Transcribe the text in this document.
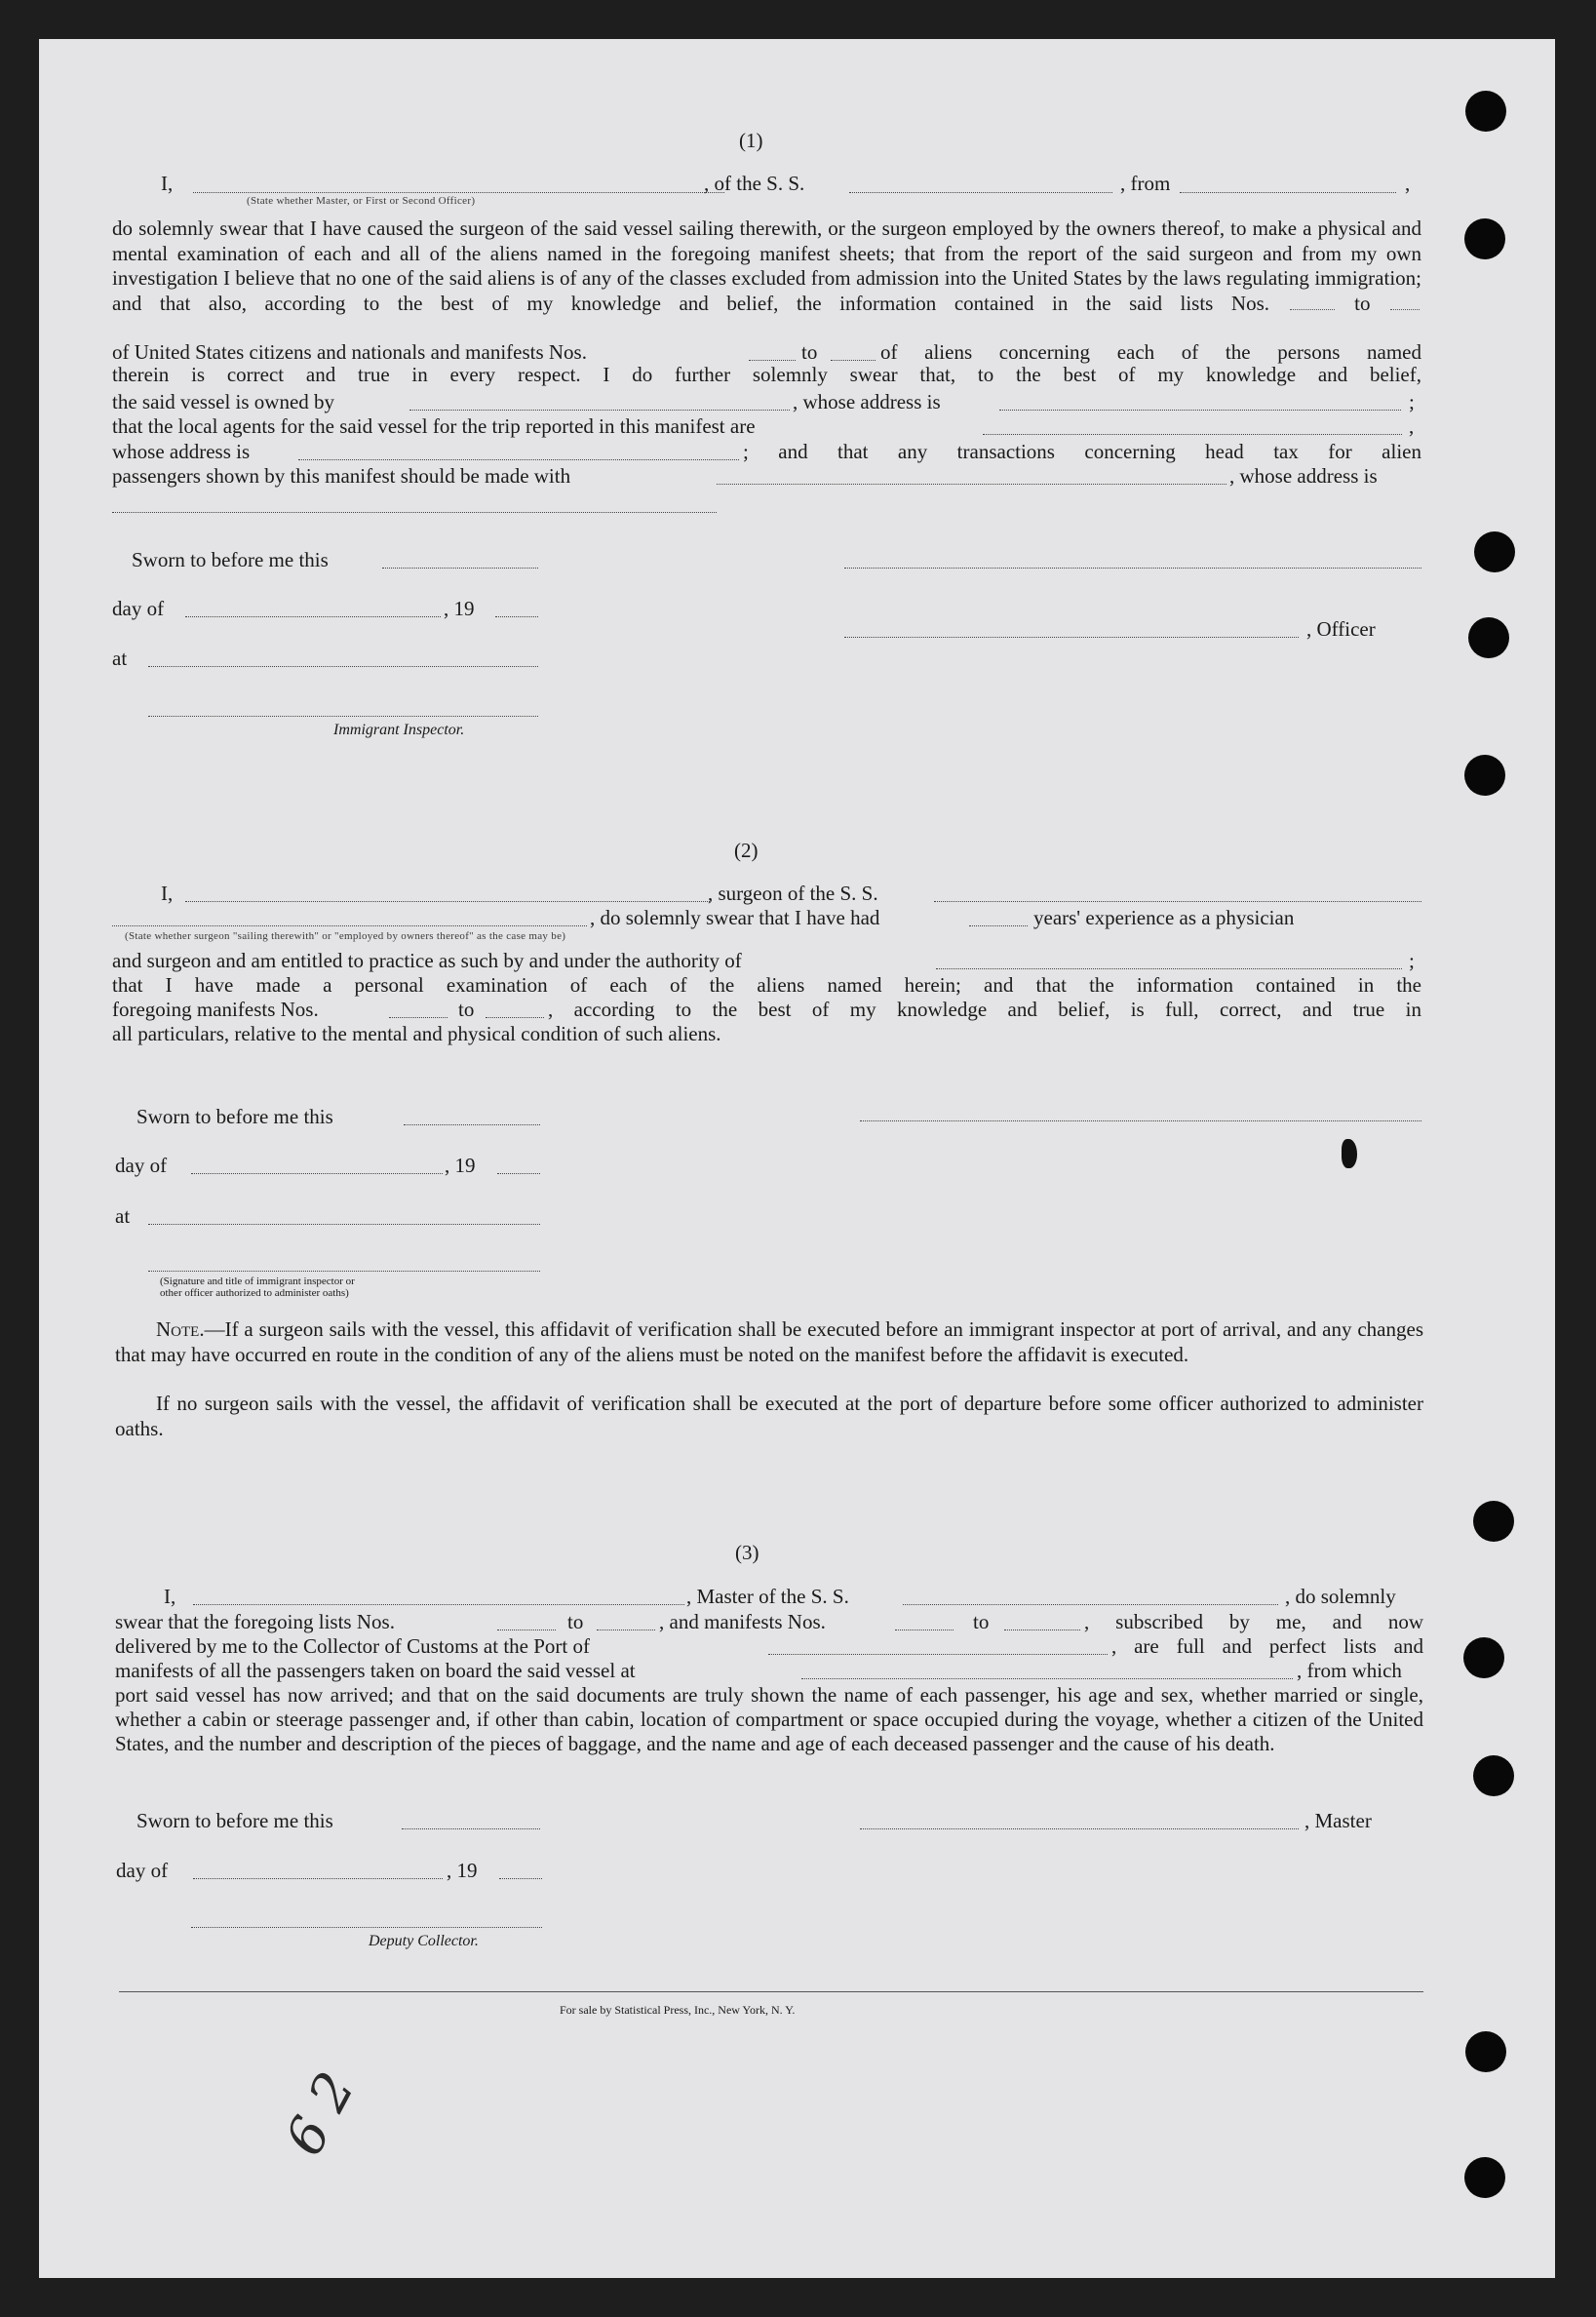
(1)
I,
(State whether Master, or First or Second Officer)
, of the S. S.	, from	,
do solemnly swear that I have caused the surgeon of the said vessel sailing therewith, or the surgeon employed by the owners thereof, to make a physical and mental examination of each and all of the aliens named in the foregoing manifest sheets; that from the report of the said surgeon and from my own investigation I believe that no one of the said aliens is of any of the classes excluded from admission into the United States by the laws regulating immigration; and that also, according to the best of my knowledge and belief, the information contained in the said lists Nos.	to
of United States citizens and nationals and manifests Nos.	to	of aliens concerning each of the persons named
therein is correct and true in every respect. I do further solemnly swear that, to the best of my knowledge and belief,
the said vessel is owned by	, whose address is	;
that the local agents for the said vessel for the trip reported in this manifest are	,
whose address is	; and that any transactions concerning head tax for alien
passengers shown by this manifest should be made with	, whose address is
Sworn to before me this
day of	, 19
, Officer
at
Immigrant Inspector.
(2)
I,	, surgeon of the S. S.
, do solemnly swear that I have had	years' experience as a physician
(State whether surgeon "sailing therewith" or "employed by owners thereof" as the case may be)
and surgeon and am entitled to practice as such by and under the authority of	;
that I have made a personal examination of each of the aliens named herein; and that the information contained in the
foregoing manifests Nos.	to	, according to the best of my knowledge and belief, is full, correct, and true in
all particulars, relative to the mental and physical condition of such aliens.
Sworn to before me this
day of	, 19
at
(Signature and title of immigrant inspector or
other officer authorized to administer oaths)
Note.—If a surgeon sails with the vessel, this affidavit of verification shall be executed before an immigrant inspector at port of arrival, and any changes that may have occurred en route in the condition of any of the aliens must be noted on the manifest before the affidavit is executed.
If no surgeon sails with the vessel, the affidavit of verification shall be executed at the port of departure before some officer authorized to administer oaths.
(3)
I,	, Master of the S. S.	, do solemnly
swear that the foregoing lists Nos.	to	, and manifests Nos.	to	, subscribed by me, and now
delivered by me to the Collector of Customs at the Port of	, are full and perfect lists and
manifests of all the passengers taken on board the said vessel at	, from which
port said vessel has now arrived; and that on the said documents are truly shown the name of each passenger, his age and sex, whether married or single, whether a cabin or steerage passenger and, if other than cabin, location of compartment or space occupied during the voyage, whether a citizen of the United States, and the number and description of the pieces of baggage, and the name and age of each deceased passenger and the cause of his death.
Sworn to before me this	, Master
day of	, 19
Deputy Collector.
For sale by Statistical Press, Inc., New York, N. Y.
6 2
